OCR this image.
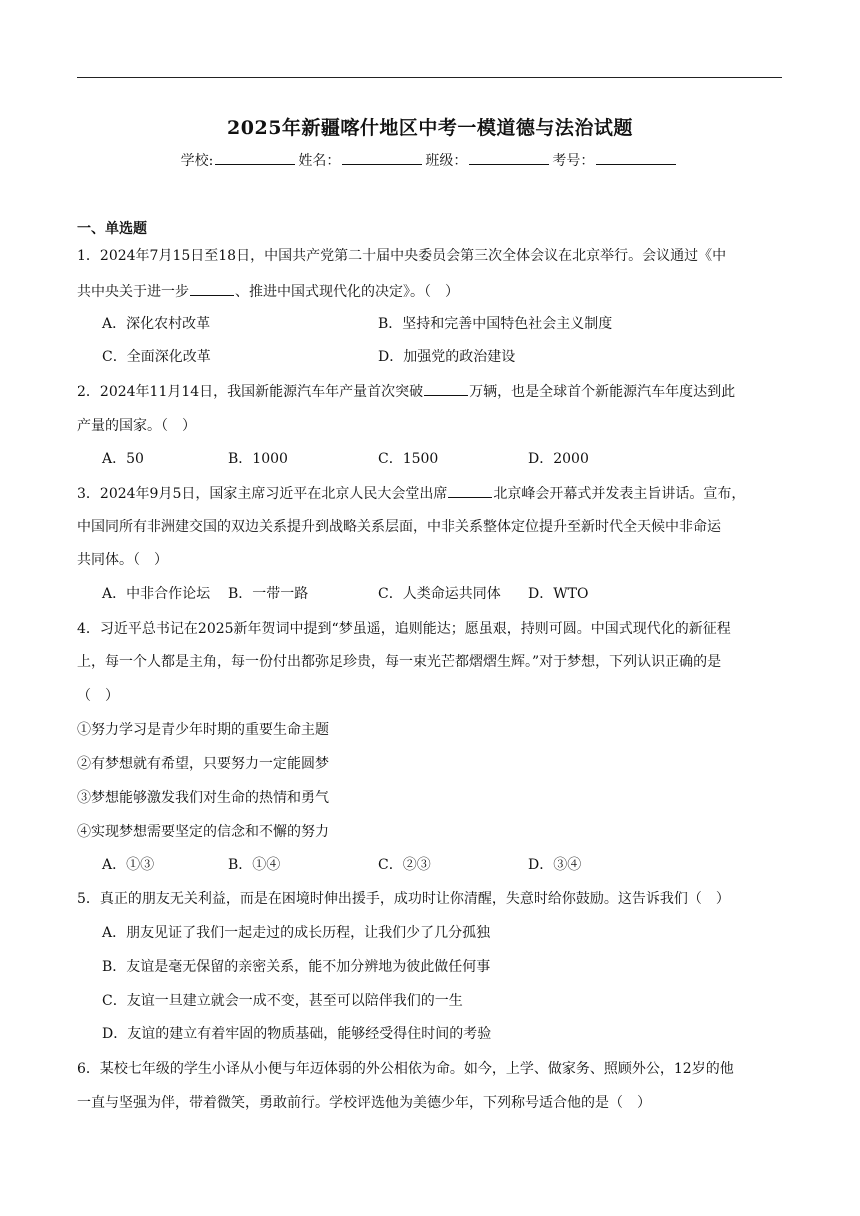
2025年新疆喀什地区中考一模道德与法治试题
学校:	姓名：	班级：	考号：
一、单选题
1．2024年7月15日至18日，中国共产党第二十届中央委员会第三次全体会议在北京举行。会议通过《中
共中央关于进一步	、推进中国式现代化的决定》。（　）
A．深化农村改革	B．坚持和完善中国特色社会主义制度
C．全面深化改革	D．加强党的政治建设
2．2024年11月14日，我国新能源汽车年产量首次突破	万辆，也是全球首个新能源汽车年度达到此
产量的国家。（　）
A．50	B．1000	C．1500	D．2000
3．2024年9月5日，国家主席习近平在北京人民大会堂出席	北京峰会开幕式并发表主旨讲话。宣布，
中国同所有非洲建交国的双边关系提升到战略关系层面，中非关系整体定位提升至新时代全天候中非命运
共同体。（　）
A．中非合作论坛 B．一带一路	C．人类命运共同体 D．WTO
4．习近平总书记在2025新年贺词中提到“梦虽遥，追则能达；愿虽艰，持则可圆。中国式现代化的新征程
上，每一个人都是主角，每一份付出都弥足珍贵，每一束光芒都熠熠生辉。”对于梦想，下列认识正确的是
（　）
①努力学习是青少年时期的重要生命主题
②有梦想就有希望，只要努力一定能圆梦
③梦想能够激发我们对生命的热情和勇气
④实现梦想需要坚定的信念和不懈的努力
A．①③	B．①④	C．②③	D．③④
5．真正的朋友无关利益，而是在困境时伸出援手，成功时让你清醒，失意时给你鼓励。这告诉我们（　）
A．朋友见证了我们一起走过的成长历程，让我们少了几分孤独
B．友谊是毫无保留的亲密关系，能不加分辨地为彼此做任何事
C．友谊一旦建立就会一成不变，甚至可以陪伴我们的一生
D．友谊的建立有着牢固的物质基础，能够经受得住时间的考验
6．某校七年级的学生小译从小便与年迈体弱的外公相依为命。如今，上学、做家务、照顾外公，12岁的他
一直与坚强为伴，带着微笑，勇敢前行。学校评选他为美德少年，下列称号适合他的是（　）
